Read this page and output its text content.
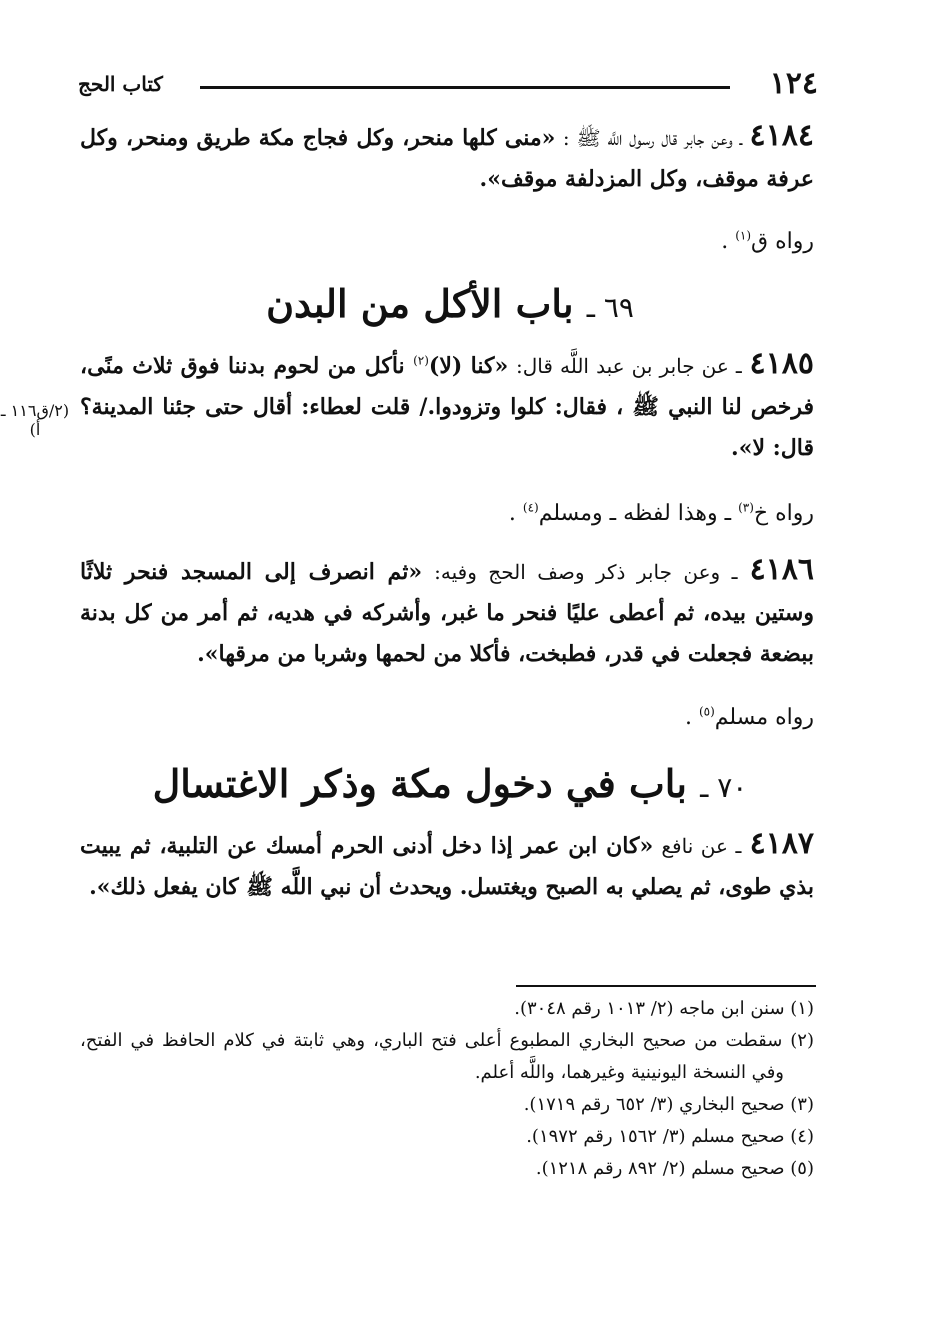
١٢٤
كتاب الحج
٤١٨٤ ـ وعن جابر قال رسول اللَّه ﷺ : «منى كلها منحر، وكل فجاج مكة طريق ومنحر، وكل عرفة موقف، وكل المزدلفة موقف».
رواه ق$^{(١)}$ .
٦٩ ـ باب الأكل من البدن
٤١٨٥ ـ عن جابر بن عبد اللَّه قال: «كنا (لا)$^{(٢)}$ نأكل من لحوم بدننا فوق ثلاث منًى، فرخص لنا النبي ﷺ ، فقال: كلوا وتزودوا./ قلت لعطاء: أقال حتى جئنا المدينة؟ قال: لا».
(٢/ق١١٦ ـ أ)
رواه خ$^{(٣)}$ ـ وهذا لفظه ـ ومسلم$^{(٤)}$ .
٤١٨٦ ـ وعن جابر ذكر وصف الحج وفيه: «ثم انصرف إلى المسجد فنحر ثلاثًا وستين بيده، ثم أعطى عليًا فنحر ما غبر، وأشركه في هديه، ثم أمر من كل بدنة ببضعة فجعلت في قدر، فطبخت، فأكلا من لحمها وشربا من مرقها».
رواه مسلم$^{(٥)}$ .
٧٠ ـ باب في دخول مكة وذكر الاغتسال
٤١٨٧ ـ عن نافع «كان ابن عمر إذا دخل أدنى الحرم أمسك عن التلبية، ثم يبيت بذي طوى، ثم يصلي به الصبح ويغتسل. ويحدث أن نبي اللَّه ﷺ كان يفعل ذلك».
(١) سنن ابن ماجه (٢/ ١٠١٣ رقم ٣٠٤٨).
(٢) سقطت من صحيح البخاري المطبوع أعلى فتح الباري، وهي ثابتة في كلام الحافظ في الفتح، وفي النسخة اليونينية وغيرهما، واللَّه أعلم.
(٣) صحيح البخاري (٣/ ٦٥٢ رقم ١٧١٩).
(٤) صحيح مسلم (٣/ ١٥٦٢ رقم ١٩٧٢).
(٥) صحيح مسلم (٢/ ٨٩٢ رقم ١٢١٨).
